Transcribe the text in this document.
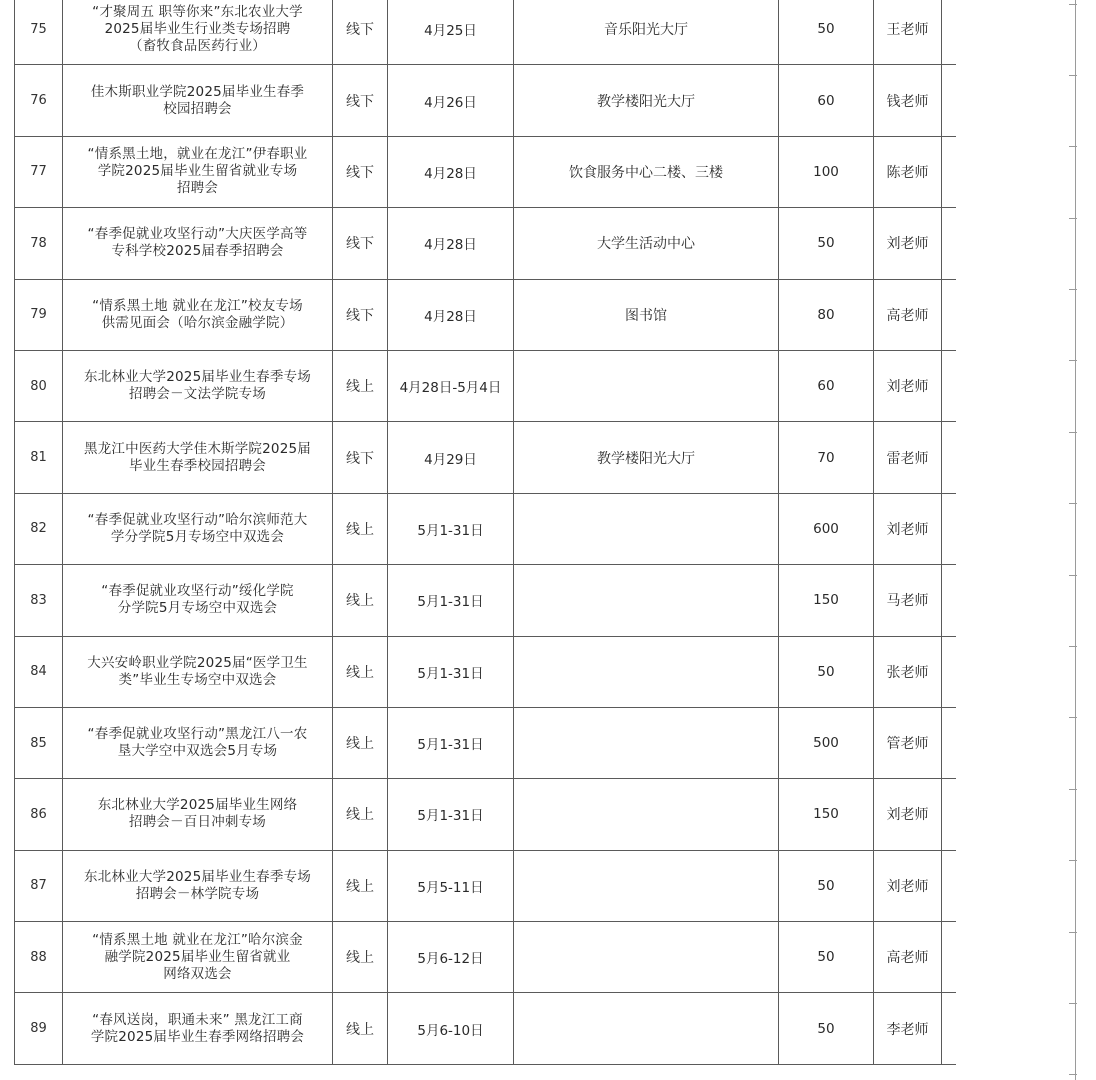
75	“才聚周五 职等你来”东北农业大学
2025届毕业生行业类专场招聘
（畜牧食品医药行业）	线下	4月25日	音乐阳光大厅	50	王老师	
76	佳木斯职业学院2025届毕业生春季
校园招聘会	线下	4月26日	教学楼阳光大厅	60	钱老师	
77	“情系黑土地，就业在龙江”伊春职业
学院2025届毕业生留省就业专场
招聘会	线下	4月28日	饮食服务中心二楼、三楼	100	陈老师	
78	“春季促就业攻坚行动”大庆医学高等
专科学校2025届春季招聘会	线下	4月28日	大学生活动中心	50	刘老师	
79	“情系黑土地 就业在龙江”校友专场
供需见面会（哈尔滨金融学院）	线下	4月28日	图书馆	80	高老师	
80	东北林业大学2025届毕业生春季专场
招聘会－文法学院专场	线上	4月28日-5月4日		60	刘老师	
81	黑龙江中医药大学佳木斯学院2025届
毕业生春季校园招聘会	线下	4月29日	教学楼阳光大厅	70	雷老师	
82	“春季促就业攻坚行动”哈尔滨师范大
学分学院5月专场空中双选会	线上	5月1-31日		600	刘老师	
83	“春季促就业攻坚行动”绥化学院
分学院5月专场空中双选会	线上	5月1-31日		150	马老师	
84	大兴安岭职业学院2025届“医学卫生
类”毕业生专场空中双选会	线上	5月1-31日		50	张老师	
85	“春季促就业攻坚行动”黑龙江八一农
垦大学空中双选会5月专场	线上	5月1-31日		500	管老师	
86	东北林业大学2025届毕业生网络
招聘会－百日冲刺专场	线上	5月1-31日		150	刘老师	
87	东北林业大学2025届毕业生春季专场
招聘会－林学院专场	线上	5月5-11日		50	刘老师	
88	“情系黑土地 就业在龙江”哈尔滨金
融学院2025届毕业生留省就业
网络双选会	线上	5月6-12日		50	高老师	
89	“春风送岗，职通未来” 黑龙江工商
学院2025届毕业生春季网络招聘会	线上	5月6-10日		50	李老师	
